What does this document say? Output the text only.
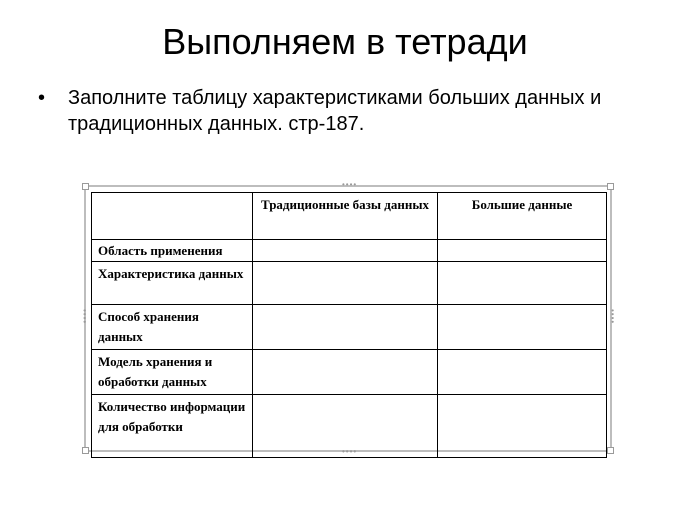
Выполняем в тетради
•	Заполните таблицу характеристиками больших данных и традиционных данных. стр-187.
••••
••••
••••	••••
	Традиционные базы данных	Большие данные
Область применения		
Характеристика данных		
Способ хранения данных		
Модель хранения и обработки данных		
Количество информации для обработки		
